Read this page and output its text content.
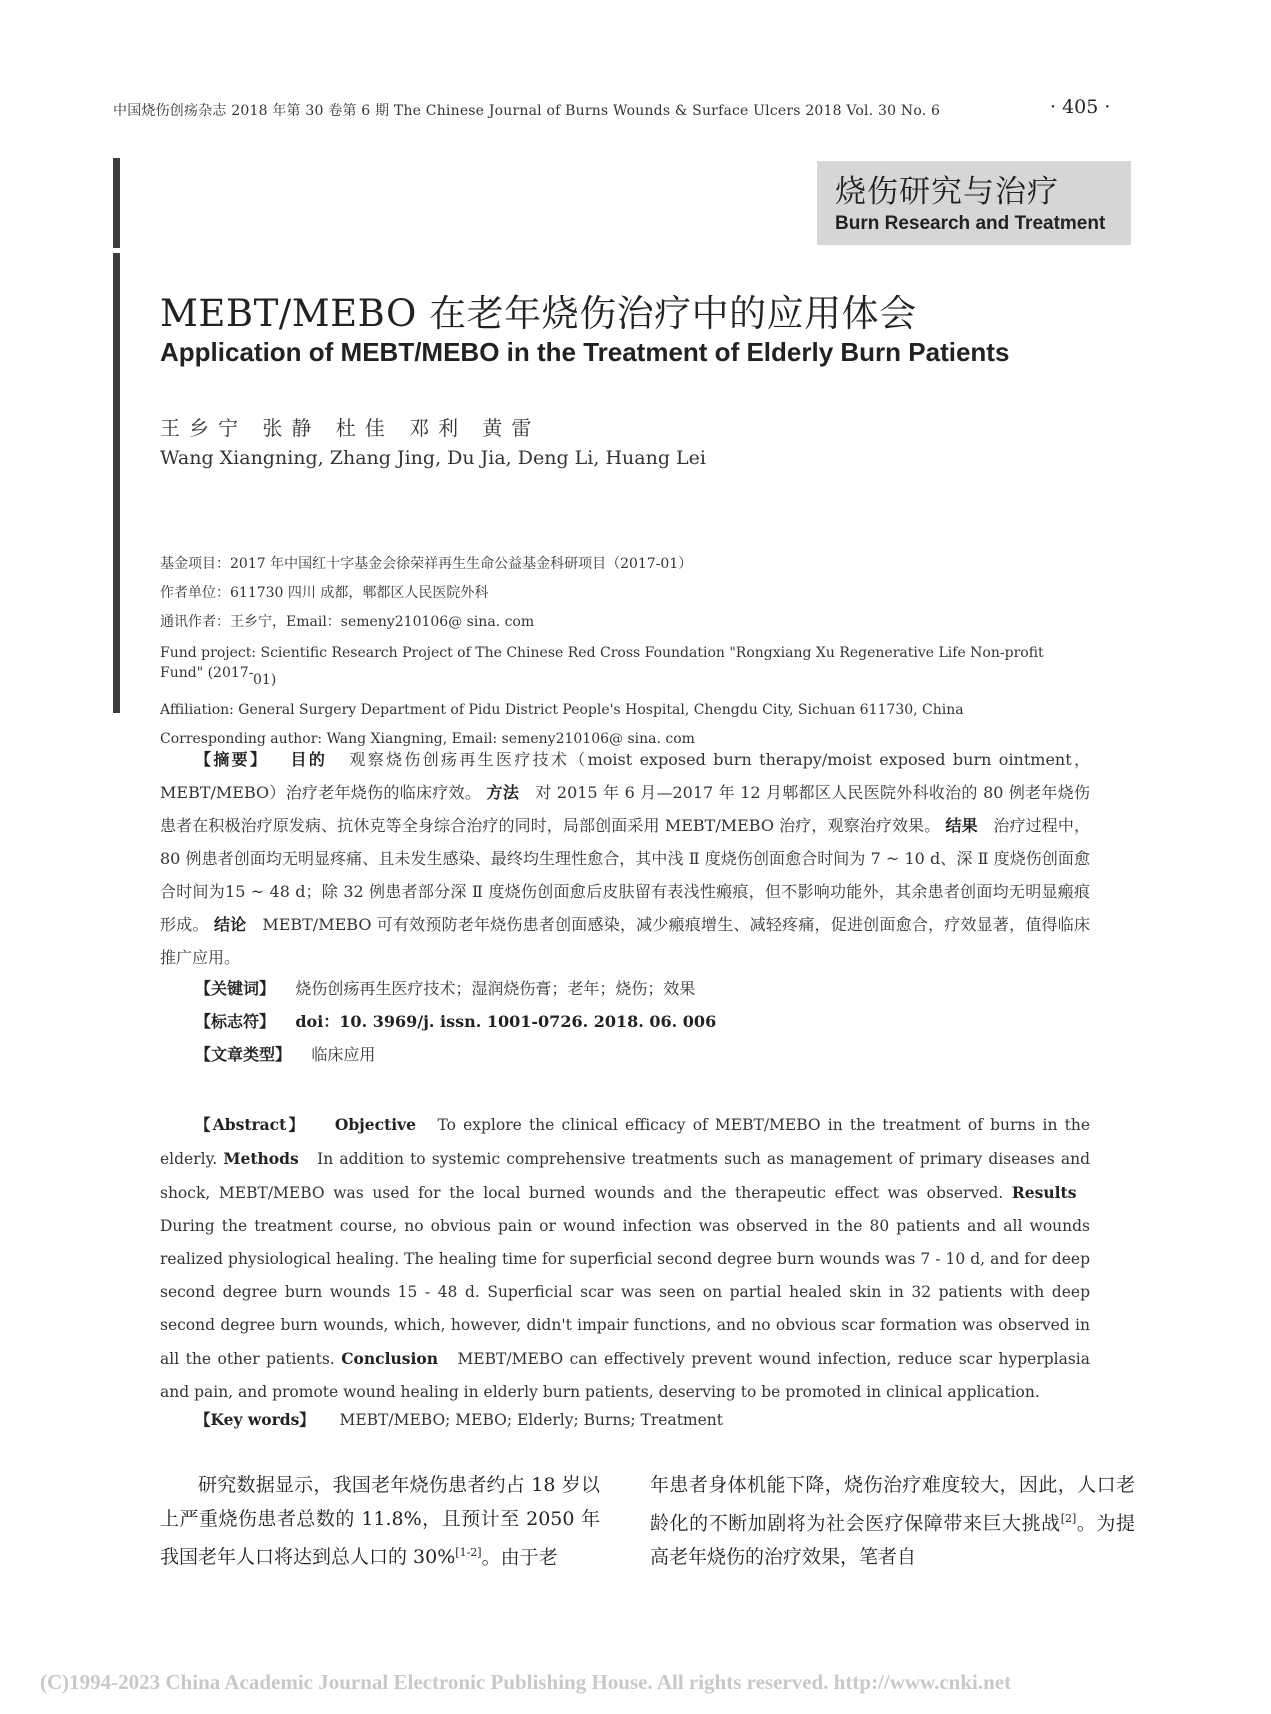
中国烧伤创疡杂志 2018 年第 30 卷第 6 期 The Chinese Journal of Burns Wounds & Surface Ulcers 2018 Vol. 30 No. 6	· 405 ·
烧伤研究与治疗
Burn Research and Treatment
MEBT/MEBO 在老年烧伤治疗中的应用体会
Application of MEBT/MEBO in the Treatment of Elderly Burn Patients
王乡宁 张静 杜佳 邓利 黄雷
Wang Xiangning, Zhang Jing, Du Jia, Deng Li, Huang Lei
基金项目：2017 年中国红十字基金会徐荣祥再生生命公益基金科研项目（2017-01）
作者单位：611730 四川 成都，郫都区人民医院外科
通讯作者：王乡宁，Email：semeny210106@ sina. com
Fund project: Scientific Research Project of The Chinese Red Cross Foundation "Rongxiang Xu Regenerative Life Non-profit Fund" (2017- 01)
Affiliation: General Surgery Department of Pidu District People's Hospital, Chengdu City, Sichuan 611730, China
Corresponding author: Wang Xiangning, Email: semeny210106@ sina. com
【摘要】 目的 观察烧伤创疡再生医疗技术（moist exposed burn therapy/moist exposed burn ointment，MEBT/MEBO）治疗老年烧伤的临床疗效。 方法 对 2015 年 6 月—2017 年 12 月郫都区人民医院外科收治的 80 例老年烧伤患者在积极治疗原发病、抗休克等全身综合治疗的同时，局部创面采用 MEBT/MEBO 治疗，观察治疗效果。 结果 治疗过程中，80 例患者创面均无明显疼痛、且未发生感染、最终均生理性愈合，其中浅 Ⅱ 度烧伤创面愈合时间为 7 ~ 10 d、深 Ⅱ 度烧伤创面愈合时间为15 ~ 48 d；除 32 例患者部分深 Ⅱ 度烧伤创面愈后皮肤留有表浅性瘢痕，但不影响功能外，其余患者创面均无明显瘢痕形成。 结论 MEBT/MEBO 可有效预防老年烧伤患者创面感染，减少瘢痕增生、减轻疼痛，促进创面愈合，疗效显著，值得临床推广应用。
【关键词】 烧伤创疡再生医疗技术；湿润烧伤膏；老年；烧伤；效果
【标志符】 doi：10. 3969/j. issn. 1001-0726. 2018. 06. 006
【文章类型】 临床应用
【Abstract】 Objective To explore the clinical efficacy of MEBT/MEBO in the treatment of burns in the elderly. Methods In addition to systemic comprehensive treatments such as management of primary diseases and shock, MEBT/MEBO was used for the local burned wounds and the therapeutic effect was observed. Results   During the treatment course, no obvious pain or wound infection was observed in the 80 patients and all wounds realized physiological healing. The healing time for superficial second degree burn wounds was 7 - 10 d, and for deep second degree burn wounds 15 - 48 d. Superficial scar was seen on partial healed skin in 32 patients with deep second degree burn wounds, which, however, didn't impair functions, and no obvious scar formation was observed in all the other patients. Conclusion MEBT/MEBO can effectively prevent wound infection, reduce scar hyperplasia and pain, and promote wound healing in elderly burn patients, deserving to be promoted in clinical application.
【Key words】 MEBT/MEBO; MEBO; Elderly; Burns; Treatment
研究数据显示，我国老年烧伤患者约占 18 岁以上严重烧伤患者总数的 11.8%，且预计至 2050 年我国老年人口将达到总人口的 30%[1-2]。由于老
年患者身体机能下降，烧伤治疗难度较大，因此，人口老龄化的不断加剧将为社会医疗保障带来巨大挑战[2]。为提高老年烧伤的治疗效果，笔者自
(C)1994-2023 China Academic Journal Electronic Publishing House. All rights reserved. http://www.cnki.net
